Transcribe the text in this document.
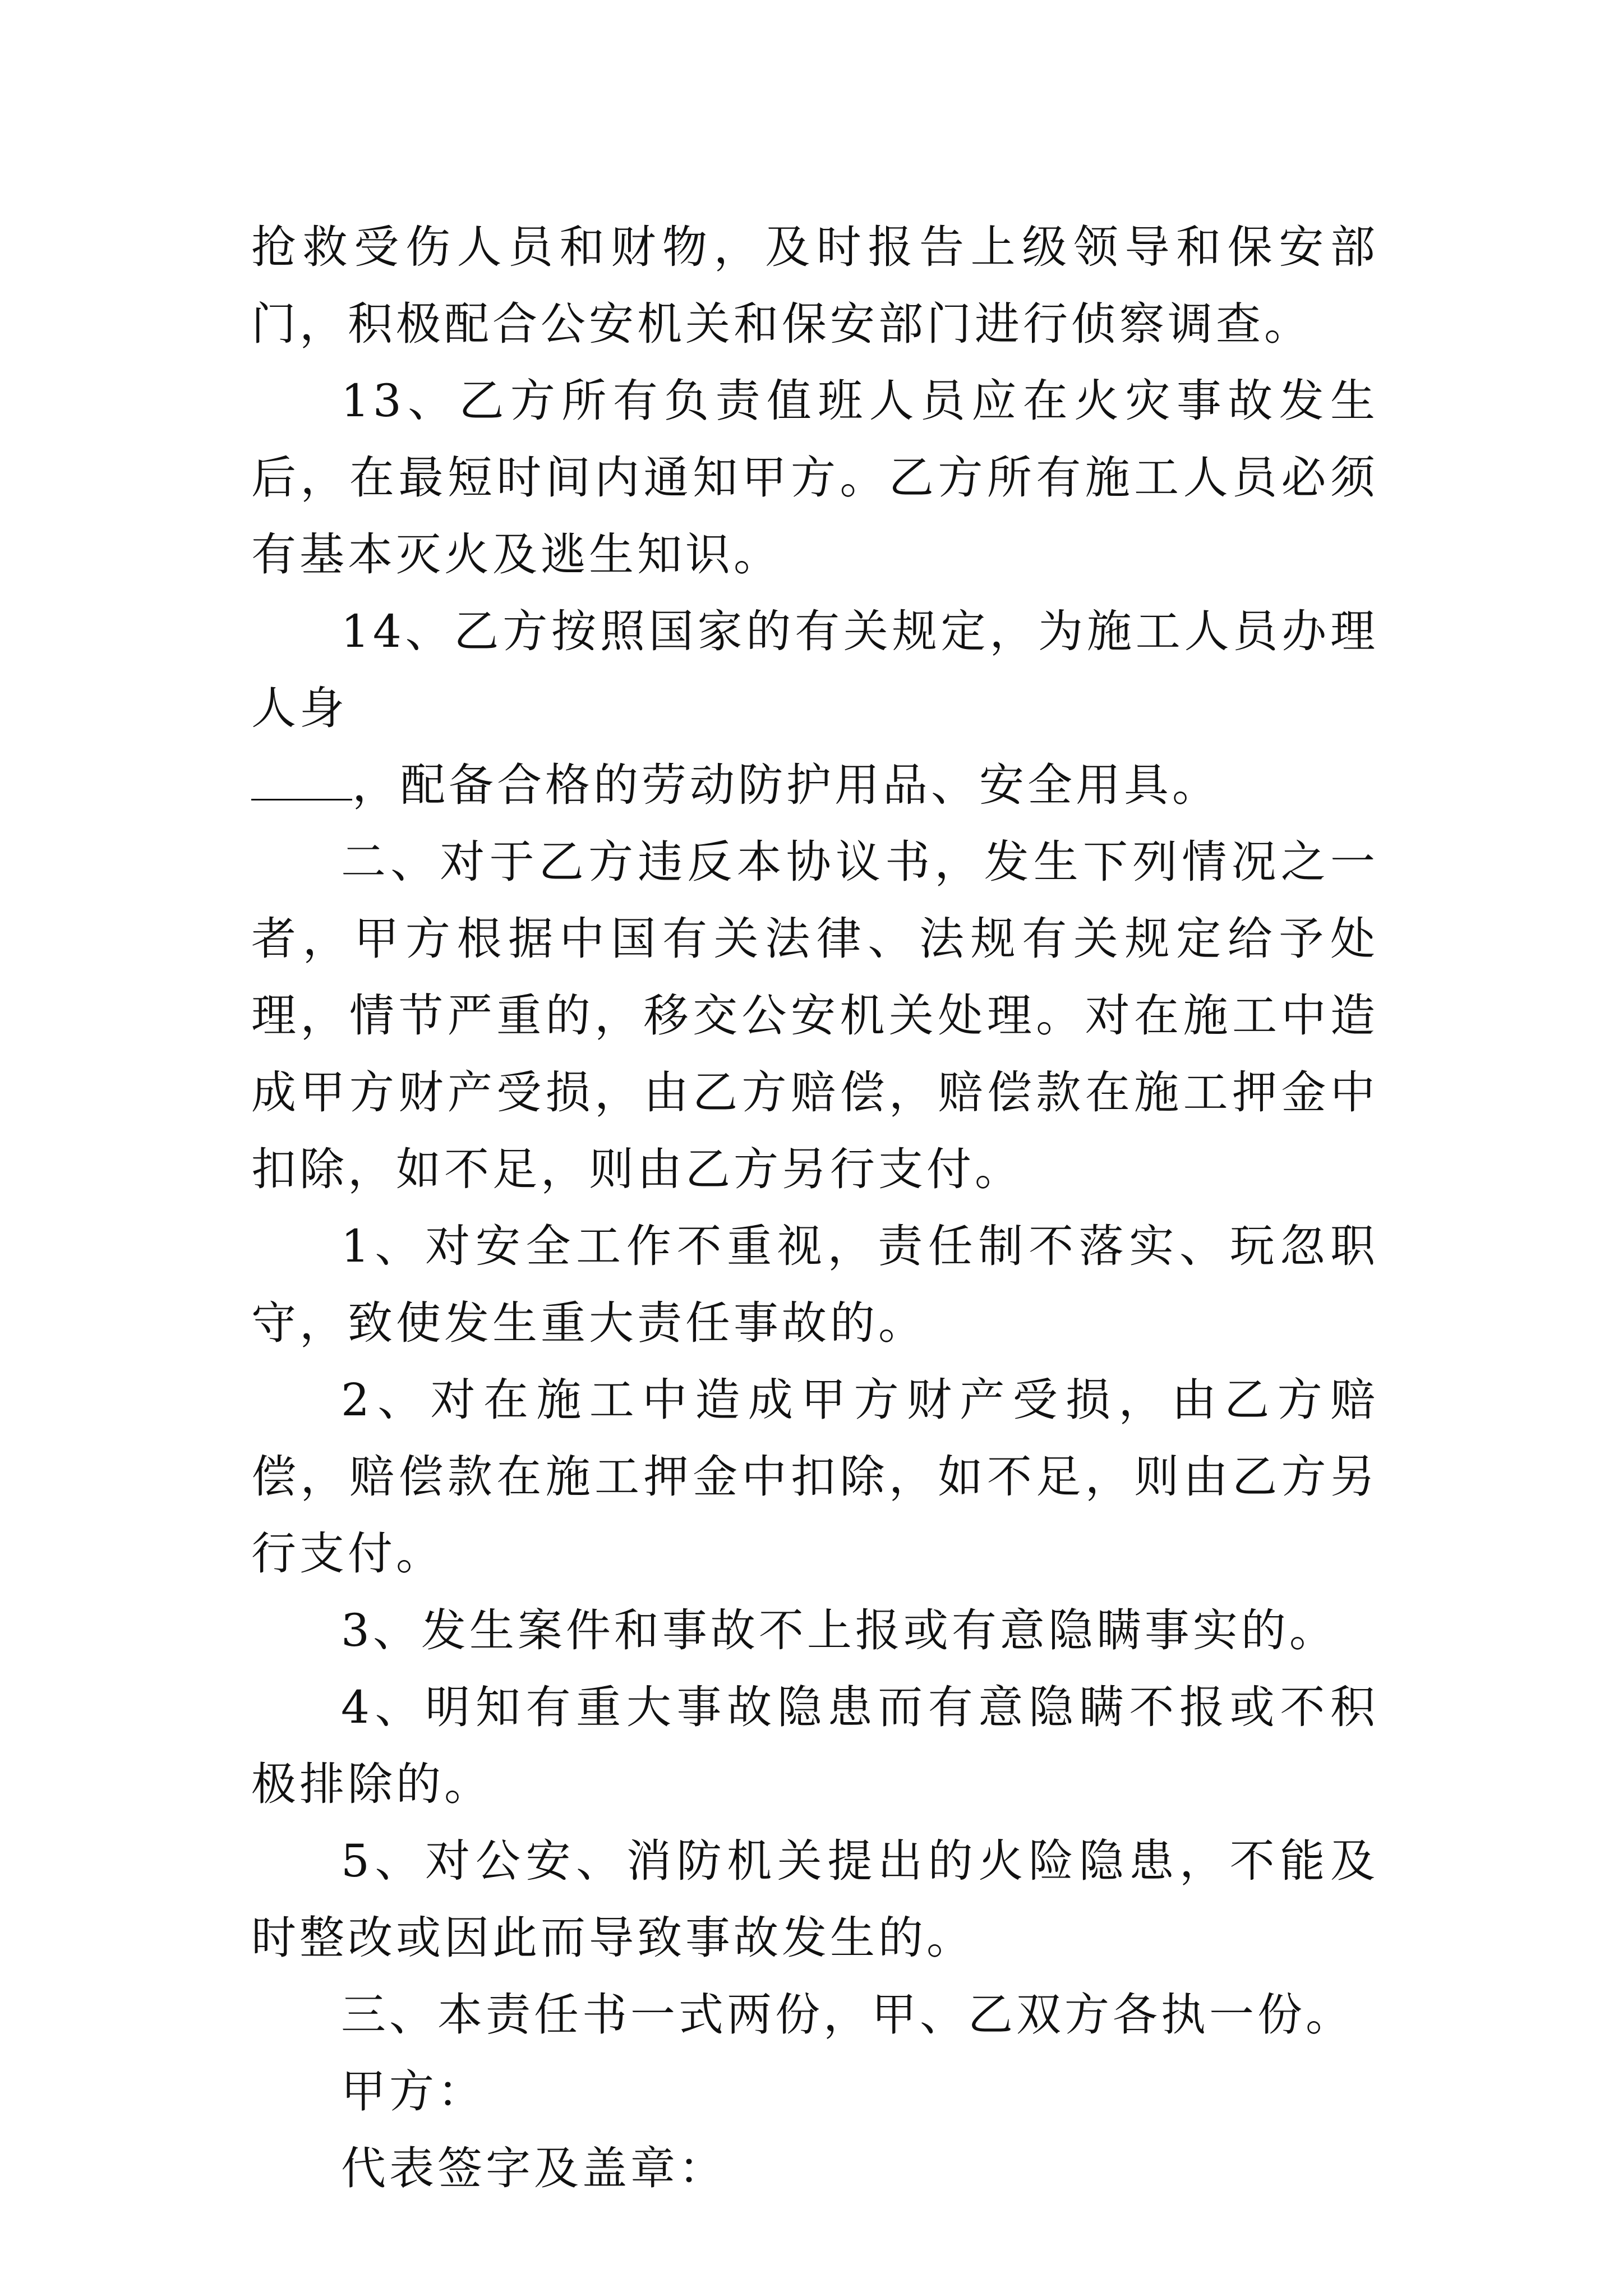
抢救受伤人员和财物，及时报告上级领导和保安部门，积极配合公安机关和保安部门进行侦察调查。

13、乙方所有负责值班人员应在火灾事故发生后，在最短时间内通知甲方。乙方所有施工人员必须有基本灭火及逃生知识。

14、乙方按照国家的有关规定，为施工人员办理人身
，配备合格的劳动防护用品、安全用具。

二、对于乙方违反本协议书，发生下列情况之一者，甲方根据中国有关法律、法规有关规定给予处理，情节严重的，移交公安机关处理。对在施工中造成甲方财产受损，由乙方赔偿，赔偿款在施工押金中扣除，如不足，则由乙方另行支付。

1、对安全工作不重视，责任制不落实、玩忽职守，致使发生重大责任事故的。

2、对在施工中造成甲方财产受损，由乙方赔偿，赔偿款在施工押金中扣除，如不足，则由乙方另行支付。

3、发生案件和事故不上报或有意隐瞒事实的。

4、明知有重大事故隐患而有意隐瞒不报或不积极排除的。

5、对公安、消防机关提出的火险隐患，不能及时整改或因此而导致事故发生的。

三、本责任书一式两份，甲、乙双方各执一份。

甲方：

代表签字及盖章：
